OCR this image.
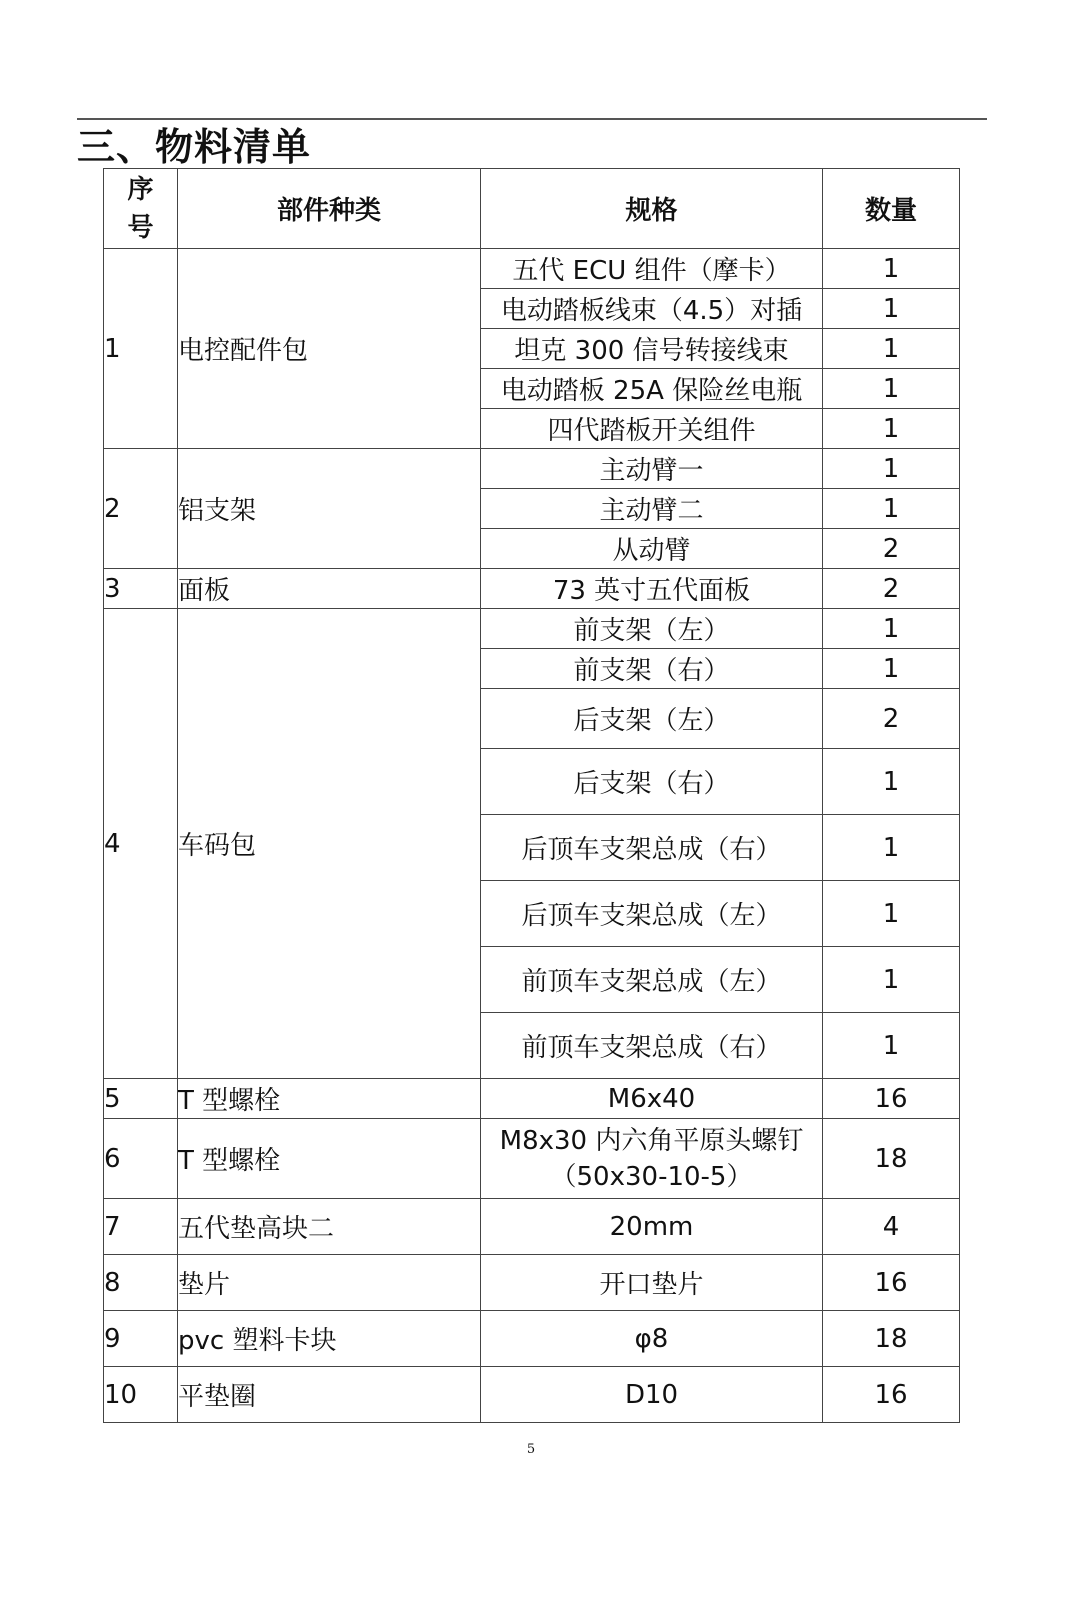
三、物料清单
序号	部件种类	规格	数量
1	电控配件包	五代 ECU 组件（摩卡）	1
		电动踏板线束（4.5）对插	1
		坦克 300 信号转接线束	1
		电动踏板 25A 保险丝电瓶	1
		四代踏板开关组件	1
2	铝支架	主动臂一	1
		主动臂二	1
		从动臂	2
3	面板	73 英寸五代面板	2
4	车码包	前支架（左）	1
		前支架（右）	1
		后支架（左）	2
		后支架（右）	1
		后顶车支架总成（右）	1
		后顶车支架总成（左）	1
		前顶车支架总成（左）	1
		前顶车支架总成（右）	1
5	T 型螺栓	M6x40	16
6	T 型螺栓	M8x30 内六角平原头螺钉（50x30-10-5）	18
7	五代垫高块二	20mm	4
8	垫片	开口垫片	16
9	pvc 塑料卡块	φ8	18
10	平垫圈	D10	16
5
